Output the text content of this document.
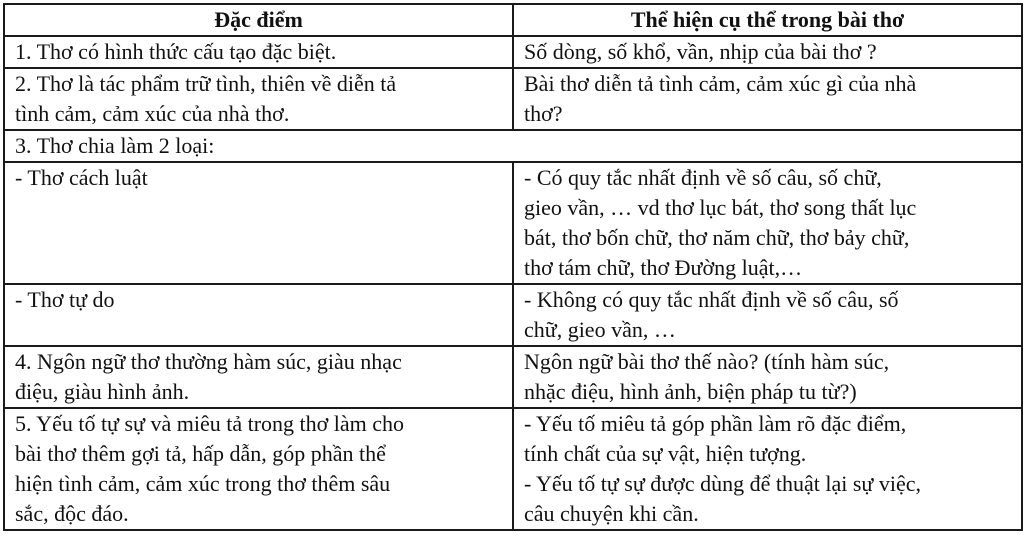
Đặc điểm	Thể hiện cụ thể trong bài thơ

1. Thơ có hình thức cấu tạo đặc biệt.	Số dòng, số khổ, vần, nhịp của bài thơ ?

2. Thơ là tác phẩm trữ tình, thiên về diễn tả
tình cảm, cảm xúc của nhà thơ.	Bài thơ diễn tả tình cảm, cảm xúc gì của nhà
thơ?

3. Thơ chia làm 2 loại:	

- Thơ cách luật	- Có quy tắc nhất định về số câu, số chữ,
gieo vần, … vd thơ lục bát, thơ song thất lục
bát, thơ bốn chữ, thơ năm chữ, thơ bảy chữ,
thơ tám chữ, thơ Đường luật,…

- Thơ tự do	- Không có quy tắc nhất định về số câu, số
chữ, gieo vần, …

4. Ngôn ngữ thơ thường hàm súc, giàu nhạc
điệu, giàu hình ảnh.	Ngôn ngữ bài thơ thế nào? (tính hàm súc,
nhặc điệu, hình ảnh, biện pháp tu từ?)

5. Yếu tố tự sự và miêu tả trong thơ làm cho
bài thơ thêm gợi tả, hấp dẫn, góp phần thể
hiện tình cảm, cảm xúc trong thơ thêm sâu
sắc, độc đáo.	- Yếu tố miêu tả góp phần làm rõ đặc điểm,
tính chất của sự vật, hiện tượng.
- Yếu tố tự sự được dùng để thuật lại sự việc,
câu chuyện khi cần.
